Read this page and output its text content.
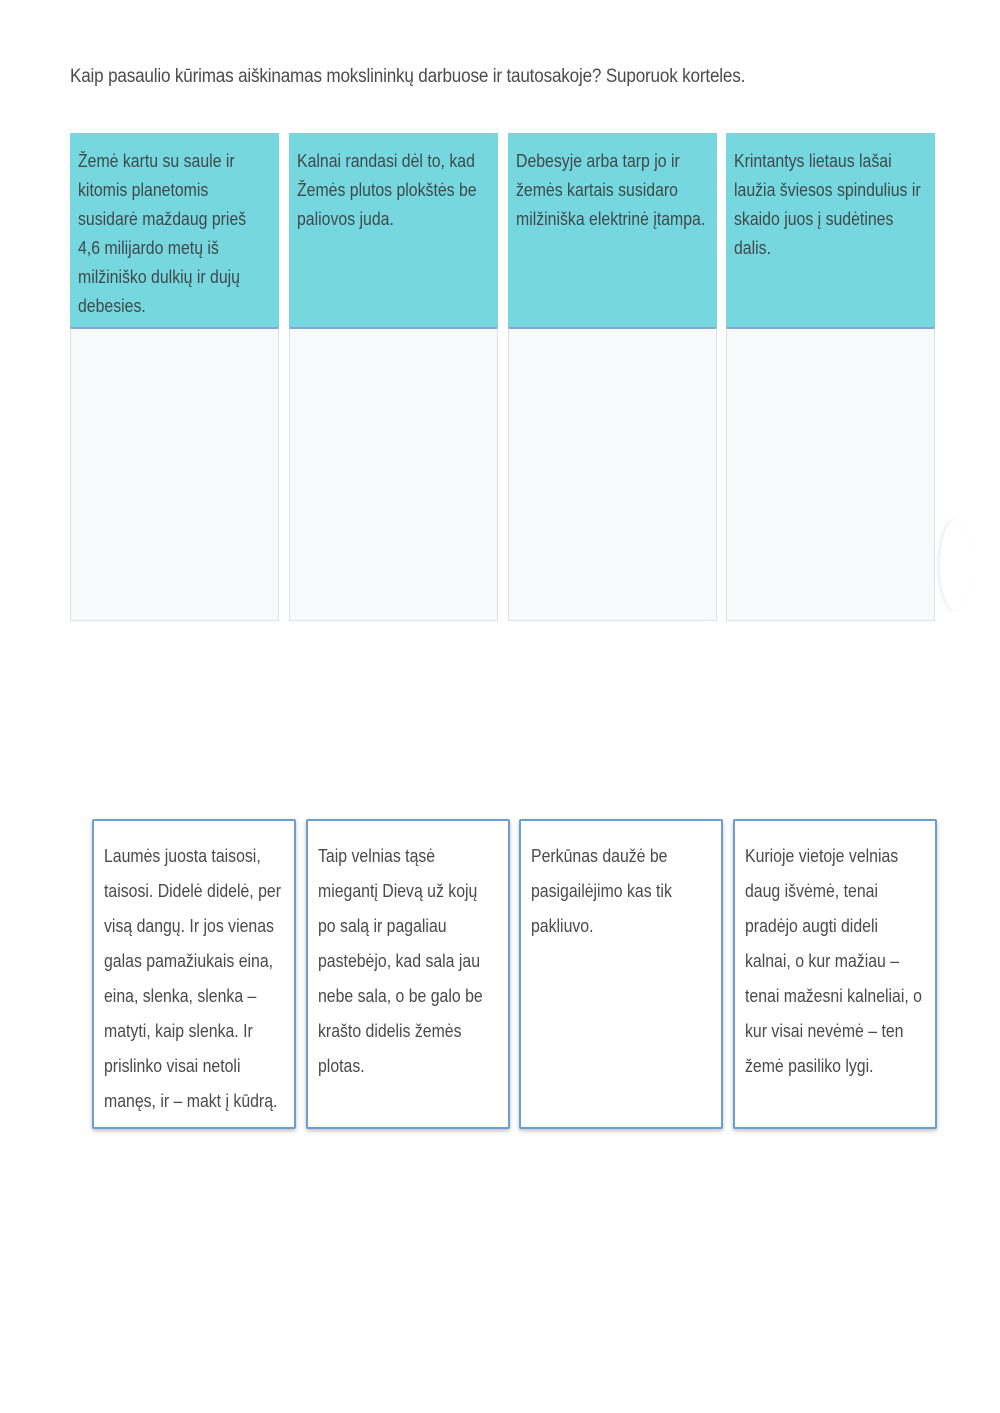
Kaip pasaulio kūrimas aiškinamas mokslininkų darbuose ir tautosakoje? Suporuok korteles.
Žemė kartu su saule ir kitomis planetomis susidarė maždaug prieš 4,6 milijardo metų iš milžiniško dulkių ir dujų debesies.
Kalnai randasi dėl to, kad Žemės plutos plokštės be paliovos juda.
Debesyje arba tarp jo ir žemės kartais susidaro milžiniška elektrinė įtampa.
Krintantys lietaus lašai laužia šviesos spindulius ir skaido juos į sudėtines dalis.
Laumės juosta taisosi, taisosi. Didelė didelė, per visą dangų. Ir jos vienas galas pamažiukais eina, eina, slenka, slenka – matyti, kaip slenka. Ir prislinko visai netoli manęs, ir – makt į kūdrą.
Taip velnias tąsė miegantį Dievą už kojų po salą ir pagaliau pastebėjo, kad sala jau nebe sala, o be galo be krašto didelis žemės plotas.
Perkūnas daužė be pasigailėjimo kas tik pakliuvo.
Kurioje vietoje velnias daug išvėmė, tenai pradėjo augti dideli kalnai, o kur mažiau – tenai mažesni kalneliai, o kur visai nevėmė – ten žemė pasiliko lygi.
